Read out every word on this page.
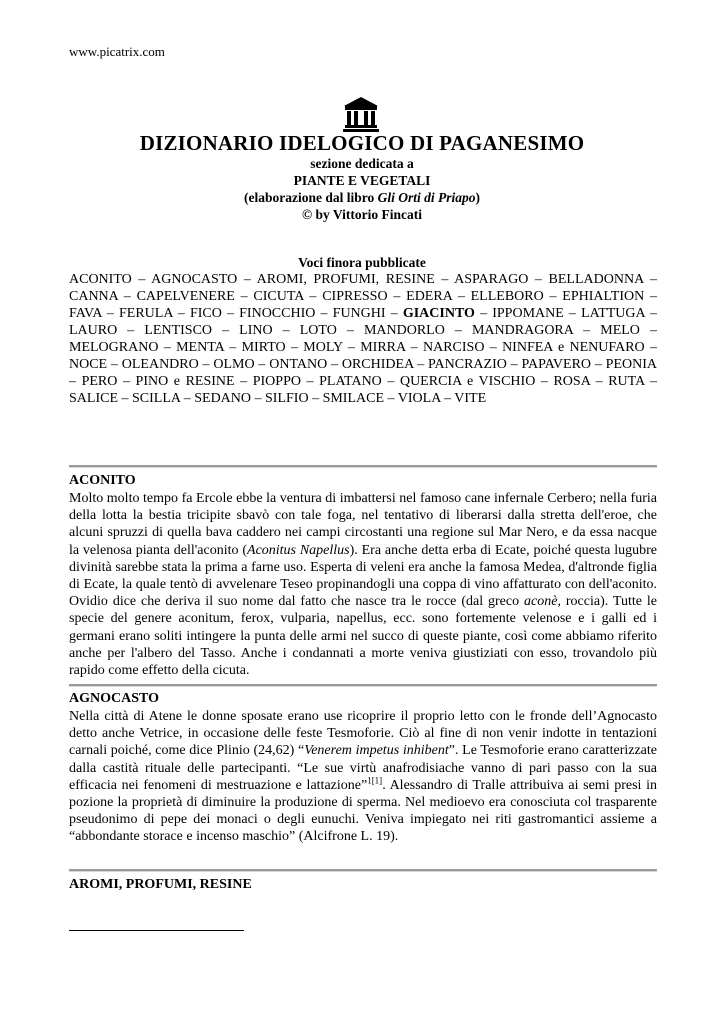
www.picatrix.com
DIZIONARIO IDELOGICO DI PAGANESIMO
sezione dedicata a
PIANTE E VEGETALI
(elaborazione dal libro Gli Orti di Priapo)
© by Vittorio Fincati
Voci finora pubblicate
ACONITO – AGNOCASTO – AROMI, PROFUMI, RESINE – ASPARAGO – BELLADONNA – CANNA – CAPELVENERE – CICUTA – CIPRESSO – EDERA – ELLEBORO – EPHIALTION – FAVA – FERULA – FICO – FINOCCHIO – FUNGHI – GIACINTO – IPPOMANE – LATTUGA – LAURO – LENTISCO – LINO – LOTO – MANDORLO – MANDRAGORA – MELO – MELOGRANO – MENTA – MIRTO – MOLY – MIRRA – NARCISO – NINFEA e NENUFARO – NOCE – OLEANDRO – OLMO – ONTANO – ORCHIDEA – PANCRAZIO – PAPAVERO – PEONIA – PERO – PINO e RESINE – PIOPPO – PLATANO – QUERCIA e VISCHIO – ROSA – RUTA – SALICE – SCILLA – SEDANO – SILFIO – SMILACE – VIOLA – VITE
ACONITO
Molto molto tempo fa Ercole ebbe la ventura di imbattersi nel famoso cane infernale Cerbero; nella furia della lotta la bestia tricipite sbavò con tale foga, nel tentativo di liberarsi dalla stretta dell'eroe, che alcuni spruzzi di quella bava caddero nei campi circostanti una regione sul Mar Nero, e da essa nacque la velenosa pianta dell'aconito (Aconitus Napellus). Era anche detta erba di Ecate, poiché questa lugubre divinità sarebbe stata la prima a farne uso. Esperta di veleni era anche la famosa Medea, d'altronde figlia di Ecate, la quale tentò di avvelenare Teseo propinandogli una coppa di vino affatturato con dell'aconito. Ovidio dice che deriva il suo nome dal fatto che nasce tra le rocce (dal greco aconè, roccia). Tutte le specie del genere aconitum, ferox, vulparia, napellus, ecc. sono fortemente velenose e i galli ed i germani erano soliti intingere la punta delle armi nel succo di queste piante, così come abbiamo riferito anche per l'albero del Tasso. Anche i condannati a morte veniva giustiziati con esso, trovandolo più rapido come effetto della cicuta.
AGNOCASTO
Nella città di Atene le donne sposate erano use ricoprire il proprio letto con le fronde dell’Agnocasto detto anche Vetrice, in occasione delle feste Tesmoforie. Ciò al fine di non venir indotte in tentazioni carnali poiché, come dice Plinio (24,62) “Venerem impetus inhibent”. Le Tesmoforie erano caratterizzate dalla castità rituale delle partecipanti. “Le sue virtù anafrodisiache vanno di pari passo con la sua efficacia nei fenomeni di mestruazione e lattazione”$^{1[1]}$. Alessandro di Tralle attribuiva ai semi presi in pozione la proprietà di diminuire la produzione di sperma. Nel medioevo era conosciuta col trasparente pseudonimo di pepe dei monaci o degli eunuchi. Veniva impiegato nei riti gastromantici assieme a “abbondante storace e incenso maschio” (Alcifrone L. 19).
AROMI, PROFUMI, RESINE
